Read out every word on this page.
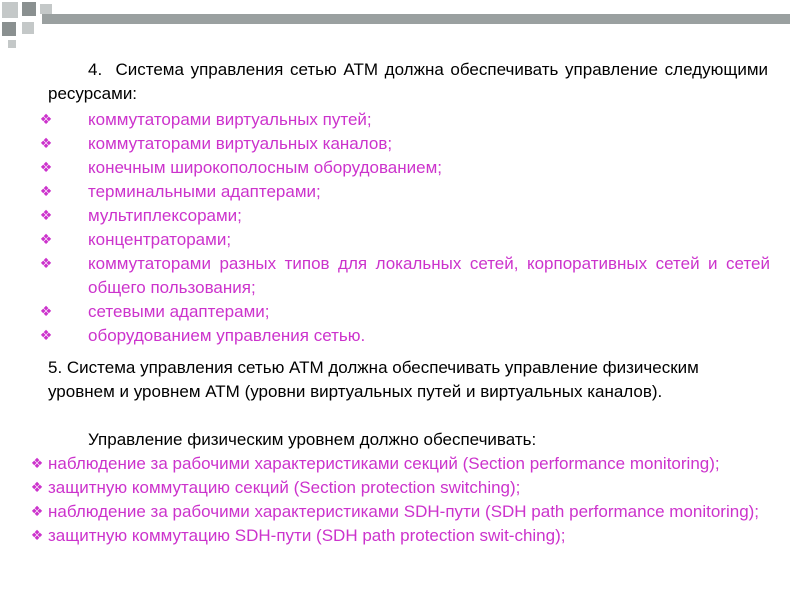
4. Система управления сетью ATM должна обеспечивать управление следующими ресурсами:
❖ коммутаторами виртуальных путей;
❖ коммутаторами виртуальных каналов;
❖ конечным широкополосным оборудованием;
❖ терминальными адаптерами;
❖ мультиплексорами;
❖ концентраторами;
❖ коммутаторами разных типов для локальных сетей, корпоративных сетей и сетей общего пользования;
❖ сетевыми адаптерами;
❖ оборудованием управления сетью.
5. Система управления сетью ATM должна обеспечивать управление физическим уровнем и уровнем ATM (уровни виртуальных путей и виртуальных каналов).
Управление физическим уровнем должно обеспечивать:
❖ наблюдение за рабочими характеристиками секций (Section performance monitoring);
❖ защитную коммутацию секций (Section protection switching);
❖ наблюдение за рабочими характеристиками SDH-пути (SDH path performance monitoring);
❖ защитную коммутацию SDH-пути (SDH path protection swit-ching);
